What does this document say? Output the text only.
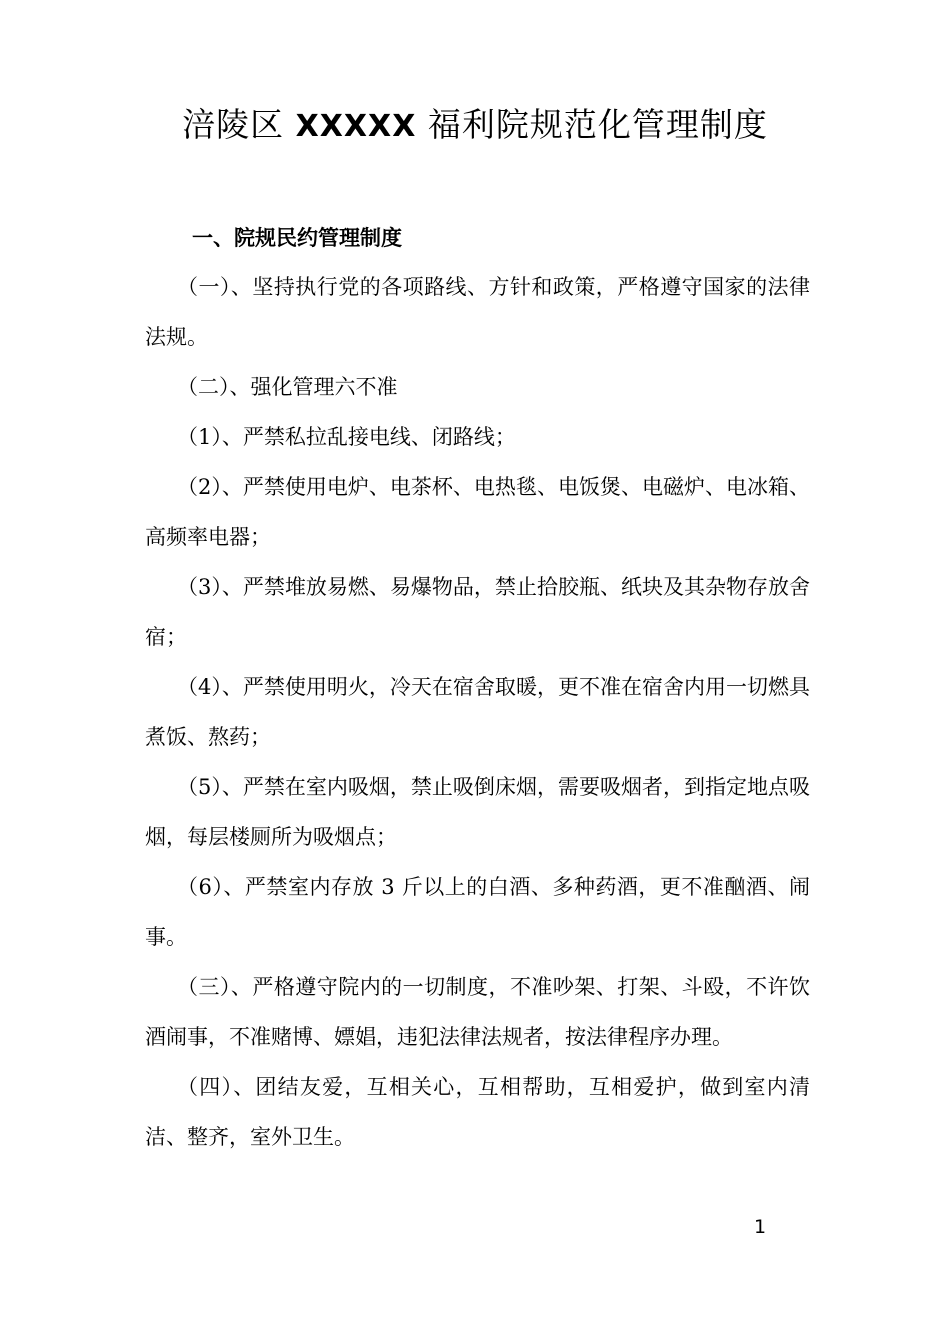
涪陵区 XXXXX 福利院规范化管理制度
一、院规民约管理制度

（一）、坚持执行党的各项路线、方针和政策，严格遵守国家的法律法规。

（二）、强化管理六不准

（1）、严禁私拉乱接电线、闭路线；

（2）、严禁使用电炉、电茶杯、电热毯、电饭煲、电磁炉、电冰箱、高频率电器；

（3）、严禁堆放易燃、易爆物品，禁止拾胶瓶、纸块及其杂物存放舍宿；

（4）、严禁使用明火，冷天在宿舍取暖，更不准在宿舍内用一切燃具煮饭、熬药；

（5）、严禁在室内吸烟，禁止吸倒床烟，需要吸烟者，到指定地点吸烟，每层楼厕所为吸烟点；

（6）、严禁室内存放 3 斤以上的白酒、多种药酒，更不准酗酒、闹事。

（三）、严格遵守院内的一切制度，不准吵架、打架、斗殴，不许饮酒闹事，不准赌博、嫖娼，违犯法律法规者，按法律程序办理。

（四）、团结友爱，互相关心，互相帮助，互相爱护，做到室内清洁、整齐，室外卫生。

1
